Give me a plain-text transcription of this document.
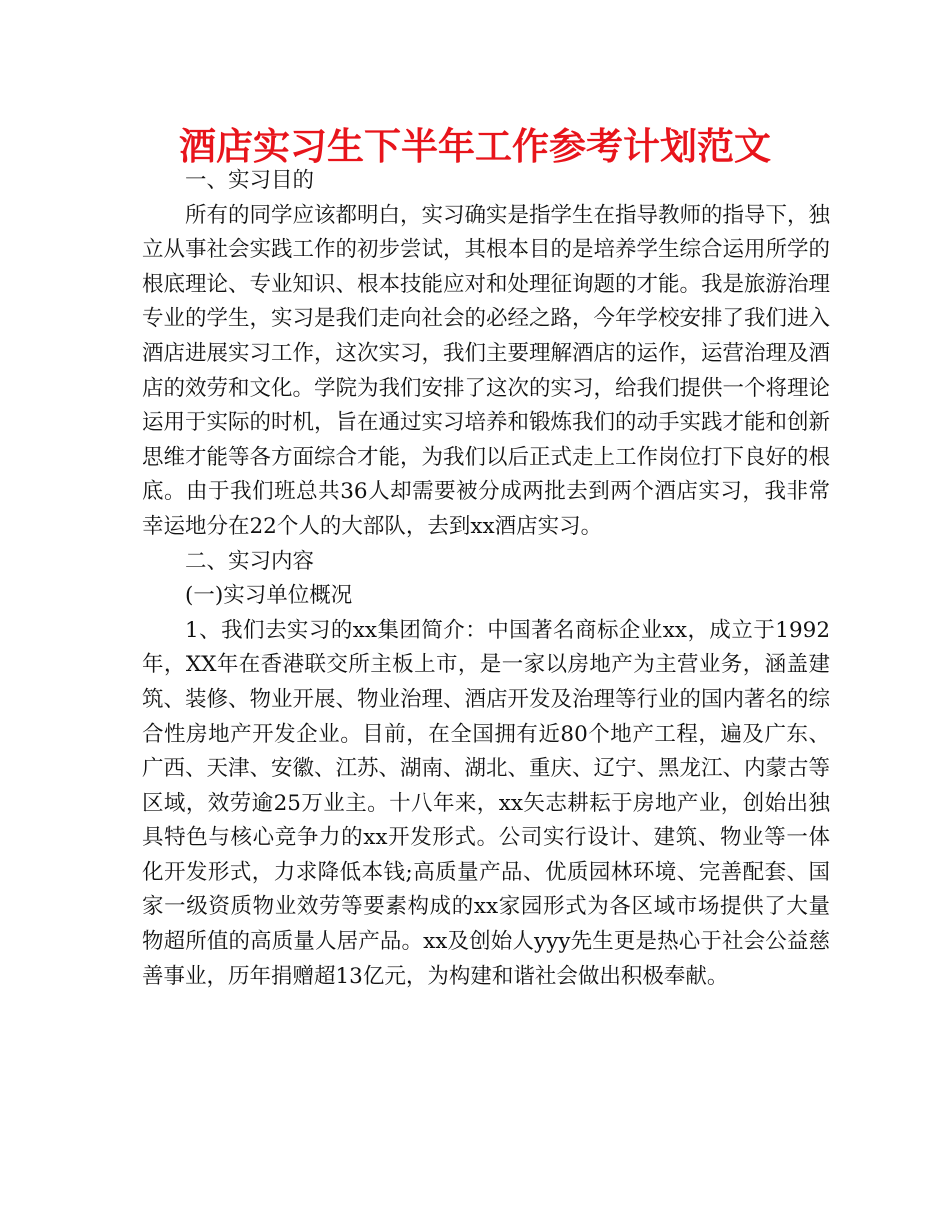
酒店实习生下半年工作参考计划范文

一、实习目的

所有的同学应该都明白，实习确实是指学生在指导教师的指导下，独立从事社会实践工作的初步尝试，其根本目的是培养学生综合运用所学的根底理论、专业知识、根本技能应对和处理征询题的才能。我是旅游治理专业的学生，实习是我们走向社会的必经之路，今年学校安排了我们进入酒店进展实习工作，这次实习，我们主要理解酒店的运作，运营治理及酒店的效劳和文化。学院为我们安排了这次的实习，给我们提供一个将理论运用于实际的时机，旨在通过实习培养和锻炼我们的动手实践才能和创新思维才能等各方面综合才能，为我们以后正式走上工作岗位打下良好的根底。由于我们班总共36人却需要被分成两批去到两个酒店实习，我非常幸运地分在22个人的大部队，去到xx酒店实习。

二、实习内容

(一)实习单位概况

1、我们去实习的xx集团简介：中国著名商标企业xx，成立于1992年，XX年在香港联交所主板上市，是一家以房地产为主营业务，涵盖建筑、装修、物业开展、物业治理、酒店开发及治理等行业的国内著名的综合性房地产开发企业。目前，在全国拥有近80个地产工程，遍及广东、广西、天津、安徽、江苏、湖南、湖北、重庆、辽宁、黑龙江、内蒙古等区域，效劳逾25万业主。十八年来，xx矢志耕耘于房地产业，创始出独具特色与核心竞争力的xx开发形式。公司实行设计、建筑、物业等一体化开发形式，力求降低本钱;高质量产品、优质园林环境、完善配套、国家一级资质物业效劳等要素构成的xx家园形式为各区域市场提供了大量物超所值的高质量人居产品。xx及创始人yyy先生更是热心于社会公益慈善事业，历年捐赠超13亿元，为构建和谐社会做出积极奉献。
